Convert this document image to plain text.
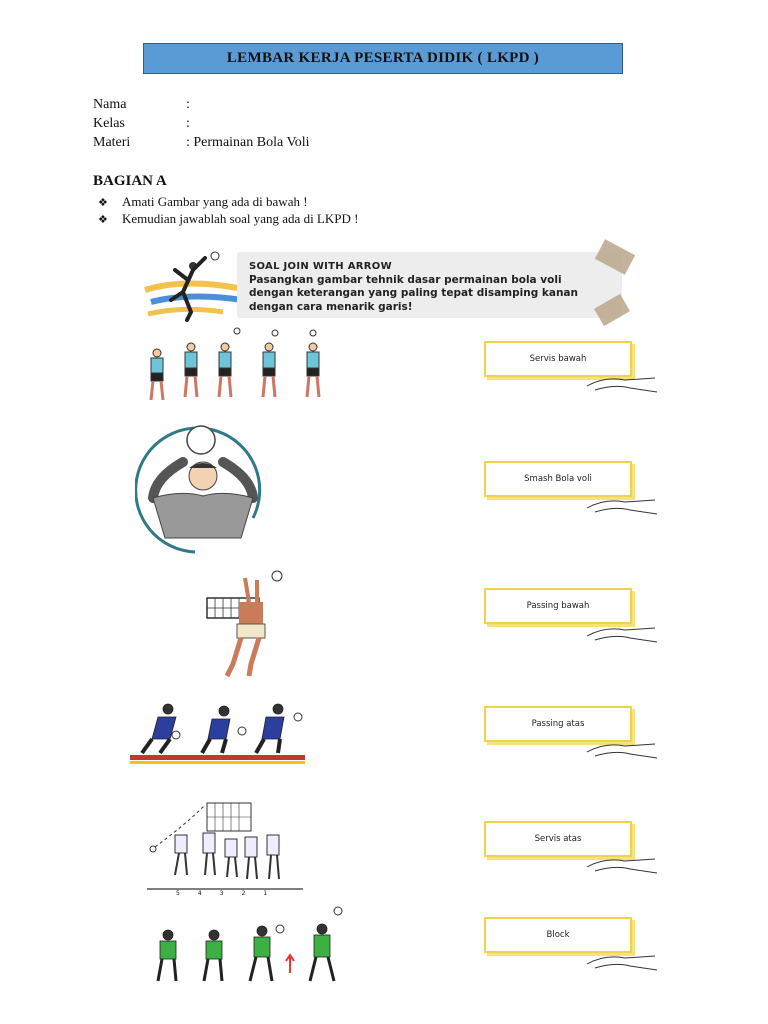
LEMBAR KERJA PESERTA DIDIK ( LKPD )
Nama	:
Kelas	:
Materi	: Permainan Bola Voli
BAGIAN A
❖ Amati Gambar yang ada di bawah !
❖ Kemudian jawablah soal yang ada di LKPD !
SOAL JOIN WITH ARROW
Pasangkan gambar tehnik dasar permainan bola voli
dengan keterangan yang paling tepat disamping kanan
dengan cara menarik garis!
5	4	3	2	1
Servis bawah
Smash Bola voli
Passing bawah
Passing atas
Servis atas
Block
